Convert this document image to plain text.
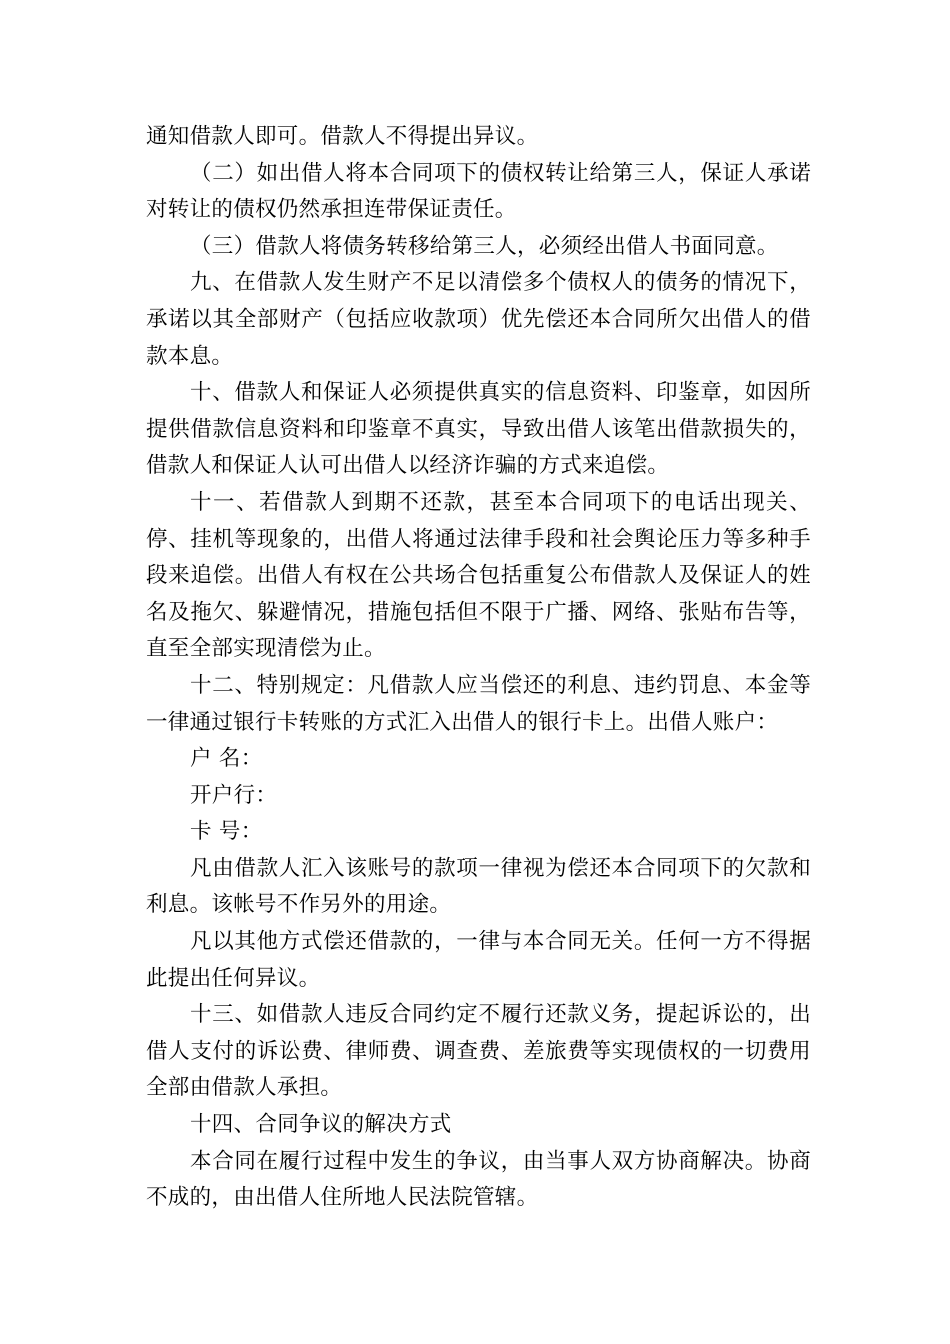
通知借款人即可。借款人不得提出异议。

（二）如出借人将本合同项下的债权转让给第三人，保证人承诺对转让的债权仍然承担连带保证责任。

（三）借款人将债务转移给第三人，必须经出借人书面同意。

九、在借款人发生财产不足以清偿多个债权人的债务的情况下，承诺以其全部财产（包括应收款项）优先偿还本合同所欠出借人的借款本息。

十、借款人和保证人必须提供真实的信息资料、印鉴章，如因所提供借款信息资料和印鉴章不真实，导致出借人该笔出借款损失的，借款人和保证人认可出借人以经济诈骗的方式来追偿。

十一、若借款人到期不还款，甚至本合同项下的电话出现关、停、挂机等现象的，出借人将通过法律手段和社会舆论压力等多种手段来追偿。出借人有权在公共场合包括重复公布借款人及保证人的姓名及拖欠、躲避情况，措施包括但不限于广播、网络、张贴布告等，直至全部实现清偿为止。

十二、特别规定：凡借款人应当偿还的利息、违约罚息、本金等一律通过银行卡转账的方式汇入出借人的银行卡上。出借人账户：

户 名：

开户行：

卡 号：

凡由借款人汇入该账号的款项一律视为偿还本合同项下的欠款和利息。该帐号不作另外的用途。

凡以其他方式偿还借款的，一律与本合同无关。任何一方不得据此提出任何异议。

十三、如借款人违反合同约定不履行还款义务，提起诉讼的，出借人支付的诉讼费、律师费、调查费、差旅费等实现债权的一切费用全部由借款人承担。

十四、合同争议的解决方式

本合同在履行过程中发生的争议，由当事人双方协商解决。协商不成的，由出借人住所地人民法院管辖。
